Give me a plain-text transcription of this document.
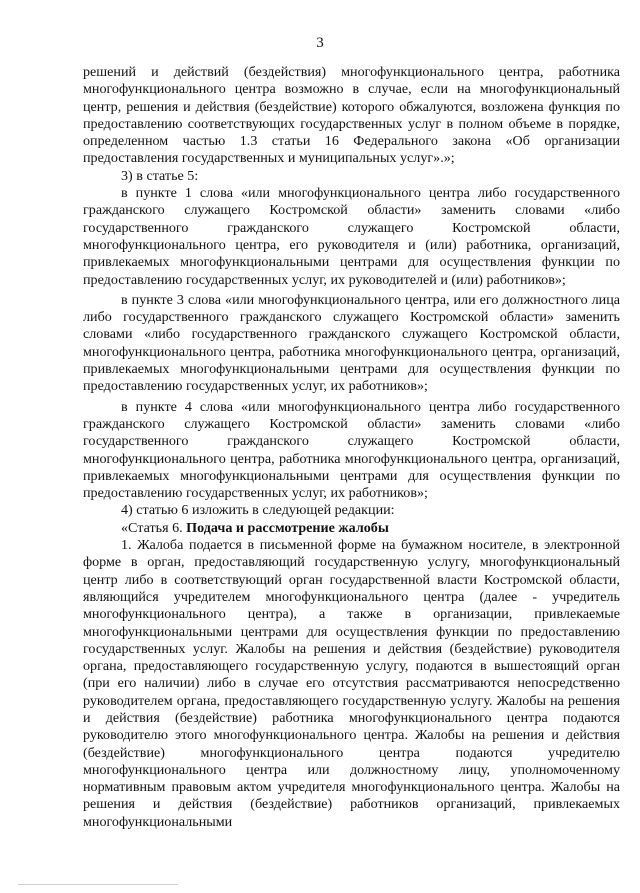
3

решений и действий (бездействия) многофункционального центра, работника многофункционального центра возможно в случае, если на многофункциональный центр, решения и действия (бездействие) которого обжалуются, возложена функция по предоставлению соответствующих государственных услуг в полном объеме в порядке, определенном частью 1.3 статьи 16 Федерального закона «Об организации предоставления государственных и муниципальных услуг».»;

3) в статье 5:

в пункте 1 слова «или многофункционального центра либо государственного гражданского служащего Костромской области» заменить словами «либо государственного гражданского служащего Костромской области, многофункционального центра, его руководителя и (или) работника, организаций, привлекаемых многофункциональными центрами для осуществления функции по предоставлению государственных услуг, их руководителей и (или) работников»;

в пункте 3 слова «или многофункционального центра, или его должностного лица либо государственного гражданского служащего Костромской области» заменить словами «либо государственного гражданского служащего Костромской области, многофункционального центра, работника многофункционального центра, организаций, привлекаемых многофункциональными центрами для осуществления функции по предоставлению государственных услуг, их работников»;

в пункте 4 слова «или многофункционального центра либо государственного гражданского служащего Костромской области» заменить словами «либо государственного гражданского служащего Костромской области, многофункционального центра, работника многофункционального центра, организаций, привлекаемых многофункциональными центрами для осуществления функции по предоставлению государственных услуг, их работников»;

4) статью 6 изложить в следующей редакции:

«Статья 6. Подача и рассмотрение жалобы

1. Жалоба подается в письменной форме на бумажном носителе, в электронной форме в орган, предоставляющий государственную услугу, многофункциональный центр либо в соответствующий орган государственной власти Костромской области, являющийся учредителем многофункционального центра (далее - учредитель многофункционального центра), а также в организации, привлекаемые многофункциональными центрами для осуществления функции по предоставлению государственных услуг. Жалобы на решения и действия (бездействие) руководителя органа, предоставляющего государственную услугу, подаются в вышестоящий орган (при его наличии) либо в случае его отсутствия рассматриваются непосредственно руководителем органа, предоставляющего государственную услугу. Жалобы на решения и действия (бездействие) работника многофункционального центра подаются руководителю этого многофункционального центра. Жалобы на решения и действия (бездействие) многофункционального центра подаются учредителю многофункционального центра или должностному лицу, уполномоченному нормативным правовым актом учредителя многофункционального центра. Жалобы на решения и действия (бездействие) работников организаций, привлекаемых многофункциональными
